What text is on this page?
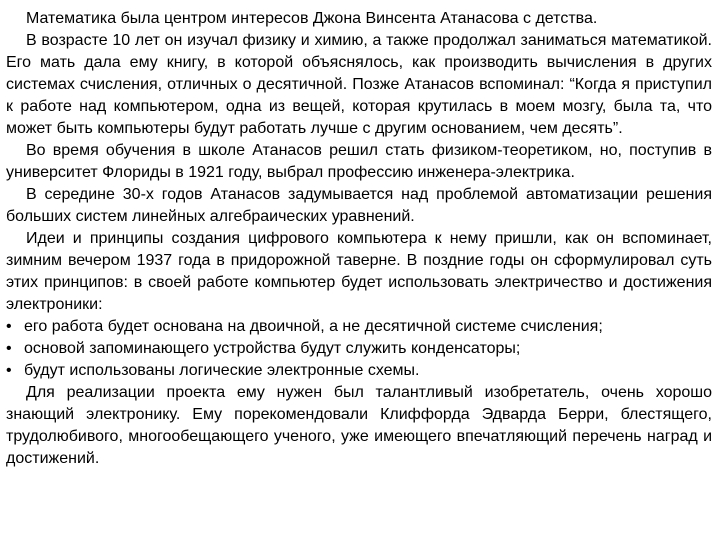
Математика была центром интересов Джона Винсента Атанасова с детства.

В возрасте 10 лет он изучал физику и химию, а также продолжал заниматься математикой. Его мать дала ему книгу, в которой объяснялось, как производить вычисления в других системах счисления, отличных о десятичной. Позже Атанасов вспоминал: “Когда я приступил к работе над компьютером, одна из вещей, которая крутилась в моем мозгу, была та, что может быть компьютеры будут работать лучше с другим основанием, чем десять”.

Во время обучения в школе Атанасов решил стать физиком-теоретиком, но, поступив в университет Флориды в 1921 году, выбрал профессию инженера-электрика.

В середине 30-х годов Атанасов задумывается над проблемой автоматизации решения больших систем линейных алгебраических уравнений.

Идеи и принципы создания цифрового компьютера к нему пришли, как он вспоминает, зимним вечером 1937 года в придорожной таверне. В поздние годы он сформулировал суть этих принципов: в своей работе компьютер будет использовать электричество и достижения электроники:

• его работа будет основана на двоичной, а не десятичной системе счисления;

• основой запоминающего устройства будут служить конденсаторы;

• будут использованы логические электронные схемы.

Для реализации проекта ему нужен был талантливый изобретатель, очень хорошо знающий электронику. Ему порекомендовали Клиффорда Эдварда Берри, блестящего, трудолюбивого, многообещающего ученого, уже имеющего впечатляющий перечень наград и достижений.
